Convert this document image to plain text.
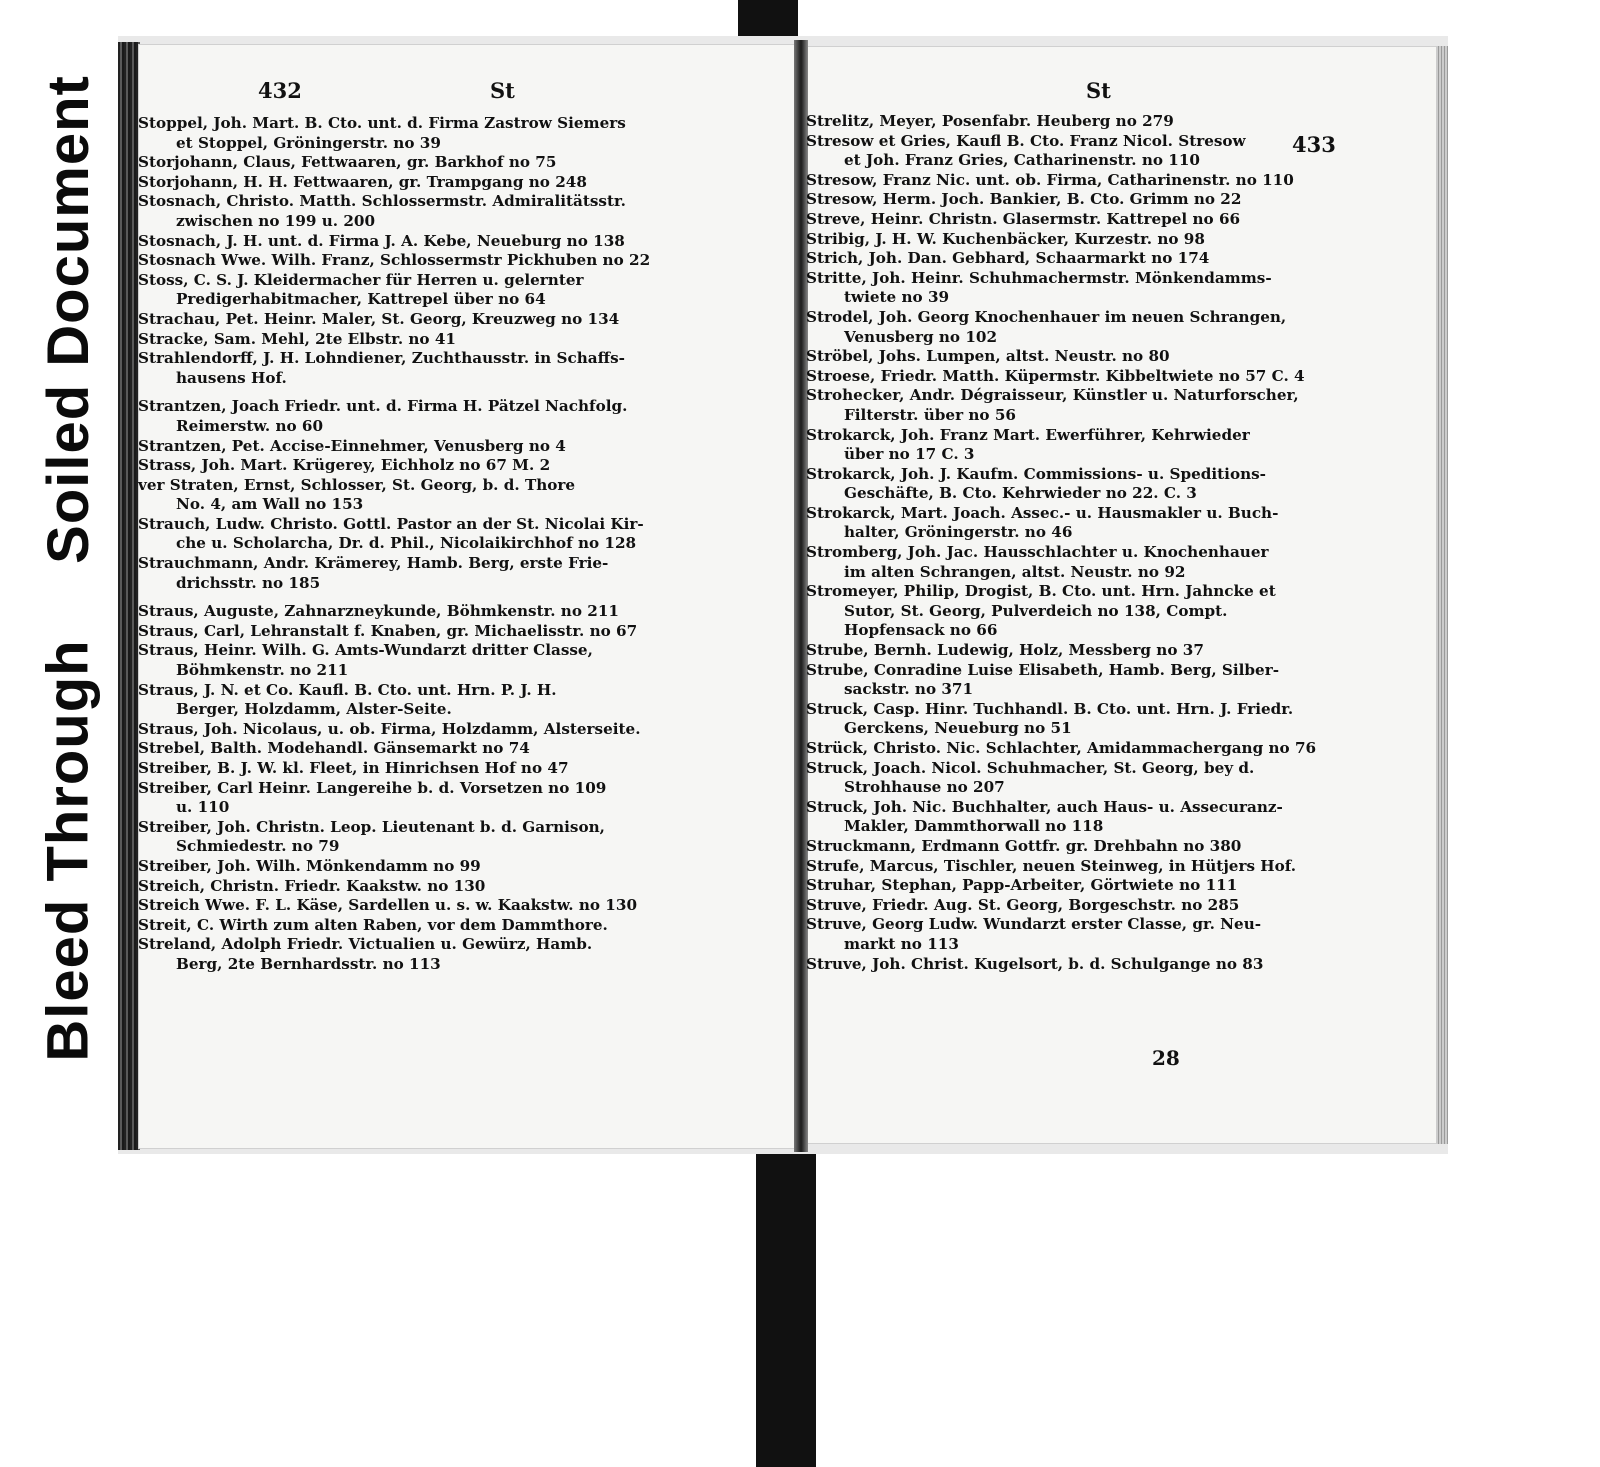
Soiled Document
Bleed Through
432	St	St
433
Stoppel, Joh. Mart. B. Cto. unt. d. Firma Zastrow Siemers
et Stoppel, Gröningerstr. no 39
Storjohann, Claus, Fettwaaren, gr. Barkhof no 75
Storjohann, H. H. Fettwaaren, gr. Trampgang no 248
Stosnach, Christo. Matth. Schlossermstr. Admiralitätsstr.
zwischen no 199 u. 200
Stosnach, J. H. unt. d. Firma J. A. Kebe, Neueburg no 138
Stosnach Wwe. Wilh. Franz, Schlossermstr Pickhuben no 22
Stoss, C. S. J. Kleidermacher für Herren u. gelernter
Predigerhabitmacher, Kattrepel über no 64
Strachau, Pet. Heinr. Maler, St. Georg, Kreuzweg no 134
Stracke, Sam. Mehl, 2te Elbstr. no 41
Strahlendorff, J. H. Lohndiener, Zuchthausstr. in Schaffs-
hausens Hof.
Strantzen, Joach Friedr. unt. d. Firma H. Pätzel Nachfolg.
Reimerstw. no 60
Strantzen, Pet. Accise-Einnehmer, Venusberg no 4
Strass, Joh. Mart. Krügerey, Eichholz no 67 M. 2
ver Straten, Ernst, Schlosser, St. Georg, b. d. Thore
No. 4, am Wall no 153
Strauch, Ludw. Christo. Gottl. Pastor an der St. Nicolai Kir-
che u. Scholarcha, Dr. d. Phil., Nicolaikirchhof no 128
Strauchmann, Andr. Krämerey, Hamb. Berg, erste Frie-
drichsstr. no 185
Straus, Auguste, Zahnarzneykunde, Böhmkenstr. no 211
Straus, Carl, Lehranstalt f. Knaben, gr. Michaelisstr. no 67
Straus, Heinr. Wilh. G. Amts-Wundarzt dritter Classe,
Böhmkenstr. no 211
Straus, J. N. et Co. Kaufl. B. Cto. unt. Hrn. P. J. H.
Berger, Holzdamm, Alster-Seite.
Straus, Joh. Nicolaus, u. ob. Firma, Holzdamm, Alsterseite.
Strebel, Balth. Modehandl. Gänsemarkt no 74
Streiber, B. J. W. kl. Fleet, in Hinrichsen Hof no 47
Streiber, Carl Heinr. Langereihe b. d. Vorsetzen no 109
u. 110
Streiber, Joh. Christn. Leop. Lieutenant b. d. Garnison,
Schmiedestr. no 79
Streiber, Joh. Wilh. Mönkendamm no 99
Streich, Christn. Friedr. Kaakstw. no 130
Streich Wwe. F. L. Käse, Sardellen u. s. w. Kaakstw. no 130
Streit, C. Wirth zum alten Raben, vor dem Dammthore.
Streland, Adolph Friedr. Victualien u. Gewürz, Hamb.
Berg, 2te Bernhardsstr. no 113
Strelitz, Meyer, Posenfabr. Heuberg no 279
Stresow et Gries, Kaufl B. Cto. Franz Nicol. Stresow
et Joh. Franz Gries, Catharinenstr. no 110
Stresow, Franz Nic. unt. ob. Firma, Catharinenstr. no 110
Stresow, Herm. Joch. Bankier, B. Cto. Grimm no 22
Streve, Heinr. Christn. Glasermstr. Kattrepel no 66
Stribig, J. H. W. Kuchenbäcker, Kurzestr. no 98
Strich, Joh. Dan. Gebhard, Schaarmarkt no 174
Stritte, Joh. Heinr. Schuhmachermstr. Mönkendamms-
twiete no 39
Strodel, Joh. Georg Knochenhauer im neuen Schrangen,
Venusberg no 102
Ströbel, Johs. Lumpen, altst. Neustr. no 80
Stroese, Friedr. Matth. Küpermstr. Kibbeltwiete no 57 C. 4
Strohecker, Andr. Dégraisseur, Künstler u. Naturforscher,
Filterstr. über no 56
Strokarck, Joh. Franz Mart. Ewerführer, Kehrwieder
über no 17 C. 3
Strokarck, Joh. J. Kaufm. Commissions- u. Speditions-
Geschäfte, B. Cto. Kehrwieder no 22. C. 3
Strokarck, Mart. Joach. Assec.- u. Hausmakler u. Buch-
halter, Gröningerstr. no 46
Stromberg, Joh. Jac. Hausschlachter u. Knochenhauer
im alten Schrangen, altst. Neustr. no 92
Stromeyer, Philip, Drogist, B. Cto. unt. Hrn. Jahncke et
Sutor, St. Georg, Pulverdeich no 138, Compt.
Hopfensack no 66
Strube, Bernh. Ludewig, Holz, Messberg no 37
Strube, Conradine Luise Elisabeth, Hamb. Berg, Silber-
sackstr. no 371
Struck, Casp. Hinr. Tuchhandl. B. Cto. unt. Hrn. J. Friedr.
Gerckens, Neueburg no 51
Strück, Christo. Nic. Schlachter, Amidammachergang no 76
Struck, Joach. Nicol. Schuhmacher, St. Georg, bey d.
Strohhause no 207
Struck, Joh. Nic. Buchhalter, auch Haus- u. Assecuranz-
Makler, Dammthorwall no 118
Struckmann, Erdmann Gottfr. gr. Drehbahn no 380
Strufe, Marcus, Tischler, neuen Steinweg, in Hütjers Hof.
Struhar, Stephan, Papp-Arbeiter, Görtwiete no 111
Struve, Friedr. Aug. St. Georg, Borgeschstr. no 285
Struve, Georg Ludw. Wundarzt erster Classe, gr. Neu-
markt no 113
Struve, Joh. Christ. Kugelsort, b. d. Schulgange no 83
28
